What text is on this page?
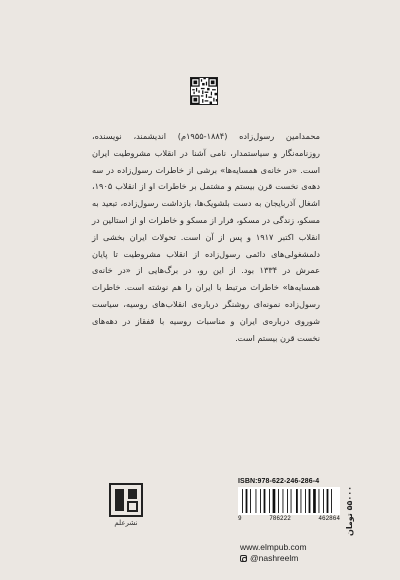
محمدامین رسول‌زاده (۱۸۸۴-۱۹۵۵م) اندیشمند، نویسنده، روزنامه‌نگار و سیاستمدار، نامی آشنا در انقلاب مشروطیت ایران است. «در خانه‌ی همسایه‌ها» برشی از خاطرات رسول‌زاده در سه دهه‌ی نخست قرن بیستم و مشتمل بر خاطرات او از انقلاب ۱۹۰۵، اشغال آذربایجان به دست بلشویک‌ها، بازداشت رسول‌زاده، تبعید به مسکو، زندگی در مسکو، فرار از مسکو و خاطرات او از استالین در انقلاب اکتبر ۱۹۱۷ و پس از آن است. تحولات ایران بخشی از دلمشغولی‌های دائمی رسول‌زاده از انقلاب مشروطیت تا پایان عمرش در ۱۳۳۴ بود. از این رو، در برگ‌هایی از «در خانه‌ی همسایه‌ها» خاطرات مرتبط با ایران را هم نوشته است. خاطرات رسول‌زاده نمونه‌ای روشنگر درباره‌ی انقلاب‌های روسیه، سیاست شوروی درباره‌ی ایران و مناسبات روسیه با قفقاز در دهه‌های نخست قرن بیستم است.

نشرعلم
ISBN:978-622-246-286-4
9	786222	462864 ۵۵۰۰۰ تومان
www.elmpub.com
@nashreelm
